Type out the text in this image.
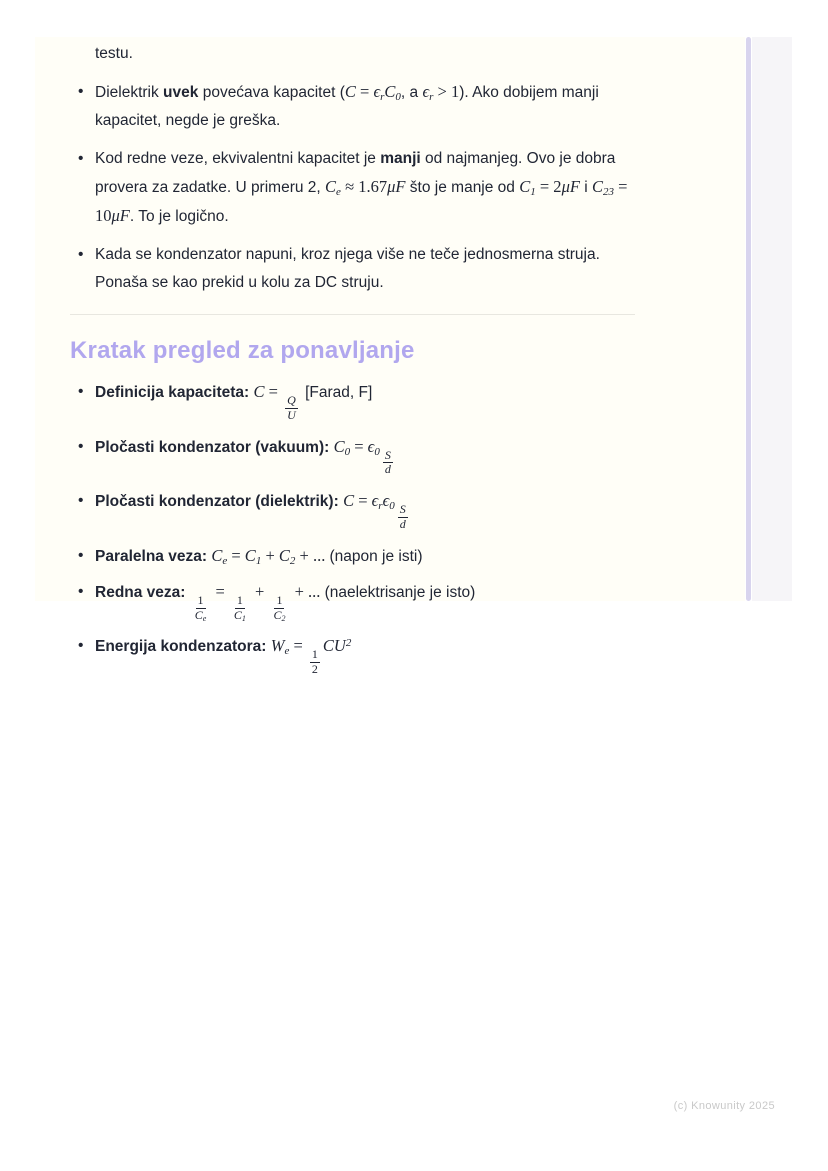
testu.

• Dielektrik uvek povećava kapacitet ($C = \epsilon_rC_0$, a $\epsilon_r > 1$). Ako dobijem manji kapacitet, negde je greška.
• Kod redne veze, ekvivalentni kapacitet je manji od najmanjeg. Ovo je dobra provera za zadatke. U primeru 2, $C_e \approx 1.67\mu F$ što je manje od $C_1 = 2\mu F$ i $C_{23} = 10\mu F$. To je logično.
• Kada se kondenzator napuni, kroz njega više ne teče jednosmerna struja. Ponaša se kao prekid u kolu za DC struju.
Kratak pregled za ponavljanje
• Definicija kapaciteta: C =
$\frac{Q}{U}$
[Farad, F]
• Pločasti kondenzator (vakuum): $C_0 = \epsilon_0 \frac{S}{d}$
• Pločasti kondenzator (dielektrik): $C = \epsilon_r\epsilon_0 \frac{S}{d}$
• Paralelna veza: $C_e = C_1 + C_2$ + ... (napon je isti)
• Redna veza:
$\frac{1}{C_e}$
=
$\frac{1}{C_1}$
+
$\frac{1}{C_2}$
+ ... (naelektrisanje je isto)
• Energija kondenzatora: $W_e$ =
$\frac{1}{2}$
$CU^2$
(c) Knowunity 2025
